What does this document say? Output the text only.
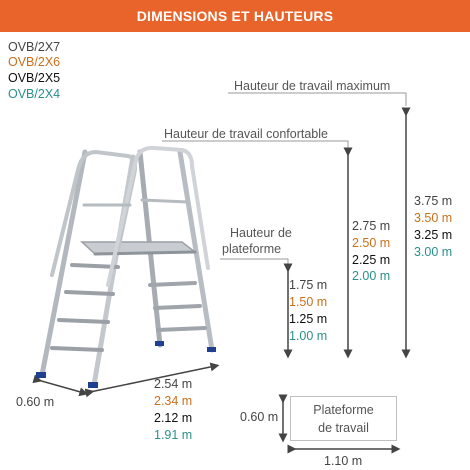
DIMENSIONS ET HAUTEURS
OVB/2X7
OVB/2X6
OVB/2X5
OVB/2X4
Hauteur de travail maximum
Hauteur de travail confortable
Hauteur de
plateforme
3.75 m
3.50 m
3.25 m
3.00 m
2.75 m
2.50 m
2.25 m
2.00 m
1.75 m
1.50 m
1.25 m
1.00 m
0.60 m
2.54 m
2.34 m
2.12 m
1.91 m
Plateforme
de travail
0.60 m
1.10 m
